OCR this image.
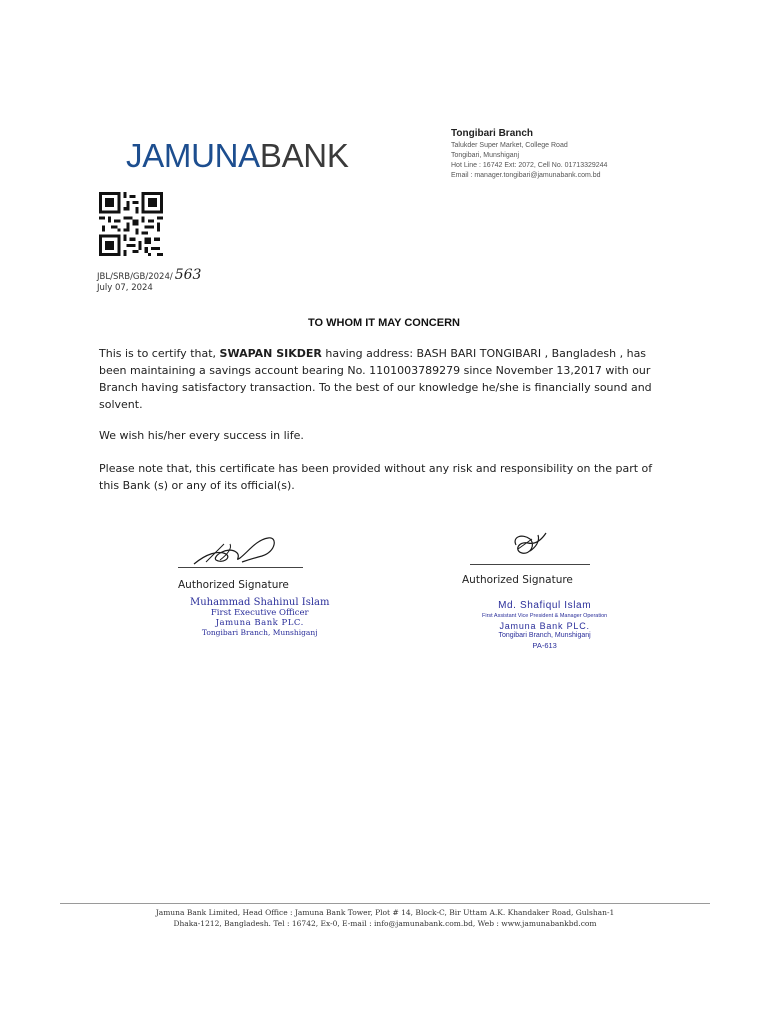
JAMUNABANK
Tongibari Branch
Talukder Super Market, College Road
Tongibari, Munshiganj
Hot Line : 16742 Ext: 2072, Cell No. 01713329244
Email : manager.tongibari@jamunabank.com.bd
JBL/SRB/GB/2024/ 563
July 07, 2024
TO WHOM IT MAY CONCERN
This is to certify that, SWAPAN SIKDER having address: BASH BARI TONGIBARI , Bangladesh , has been maintaining a savings account bearing No. 1101003789279 since November 13,2017 with our Branch having satisfactory transaction. To the best of our knowledge he/she is financially sound and solvent.
We wish his/her every success in life.
Please note that, this certificate has been provided without any risk and responsibility on the part of this Bank (s) or any of its official(s).
Authorized Signature
Muhammad Shahinul Islam
First Executive Officer
Jamuna Bank PLC.
Tongibari Branch, Munshiganj
Authorized Signature
Md. Shafiqul Islam
First Assistant Vice President & Manager Operation
Jamuna Bank PLC.
Tongibari Branch, Munshiganj
PA-613
Jamuna Bank Limited, Head Office : Jamuna Bank Tower, Plot # 14, Block-C, Bir Uttam A.K. Khandaker Road, Gulshan-1
Dhaka-1212, Bangladesh. Tel : 16742, Ex-0, E-mail : info@jamunabank.com.bd, Web : www.jamunabankbd.com
